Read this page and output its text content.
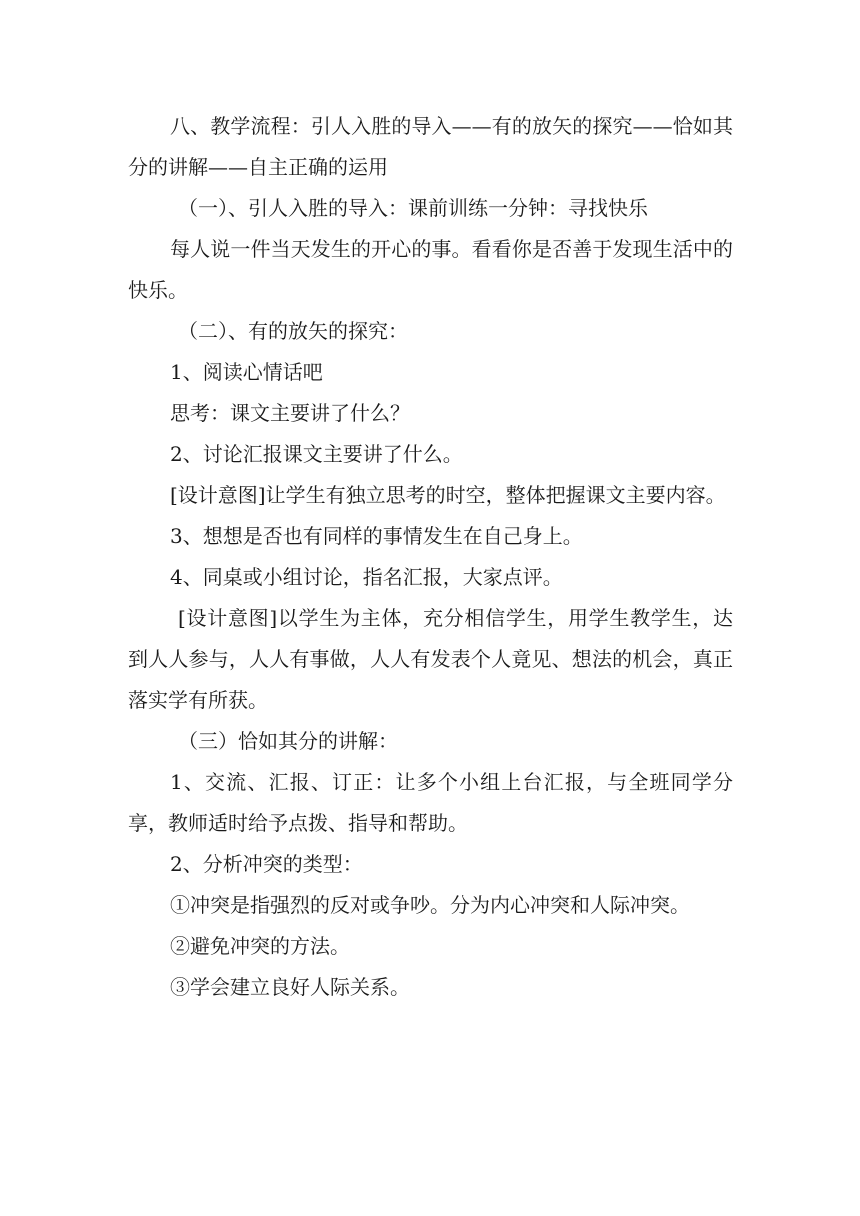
八、教学流程：引人入胜的导入——有的放矢的探究——恰如其分的讲解——自主正确的运用

（一）、引人入胜的导入：课前训练一分钟：寻找快乐

每人说一件当天发生的开心的事。看看你是否善于发现生活中的快乐。

（二）、有的放矢的探究：

1、阅读心情话吧

思考：课文主要讲了什么？

2、讨论汇报课文主要讲了什么。

[设计意图]让学生有独立思考的时空，整体把握课文主要内容。

3、想想是否也有同样的事情发生在自己身上。

4、同桌或小组讨论，指名汇报，大家点评。

[设计意图]以学生为主体，充分相信学生，用学生教学生，达到人人参与，人人有事做，人人有发表个人竟见、想法的机会，真正落实学有所获。

（三）恰如其分的讲解：

1、交流、汇报、订正：让多个小组上台汇报，与全班同学分享，教师适时给予点拨、指导和帮助。

2、分析冲突的类型：

①冲突是指强烈的反对或争吵。分为内心冲突和人际冲突。

②避免冲突的方法。

③学会建立良好人际关系。
